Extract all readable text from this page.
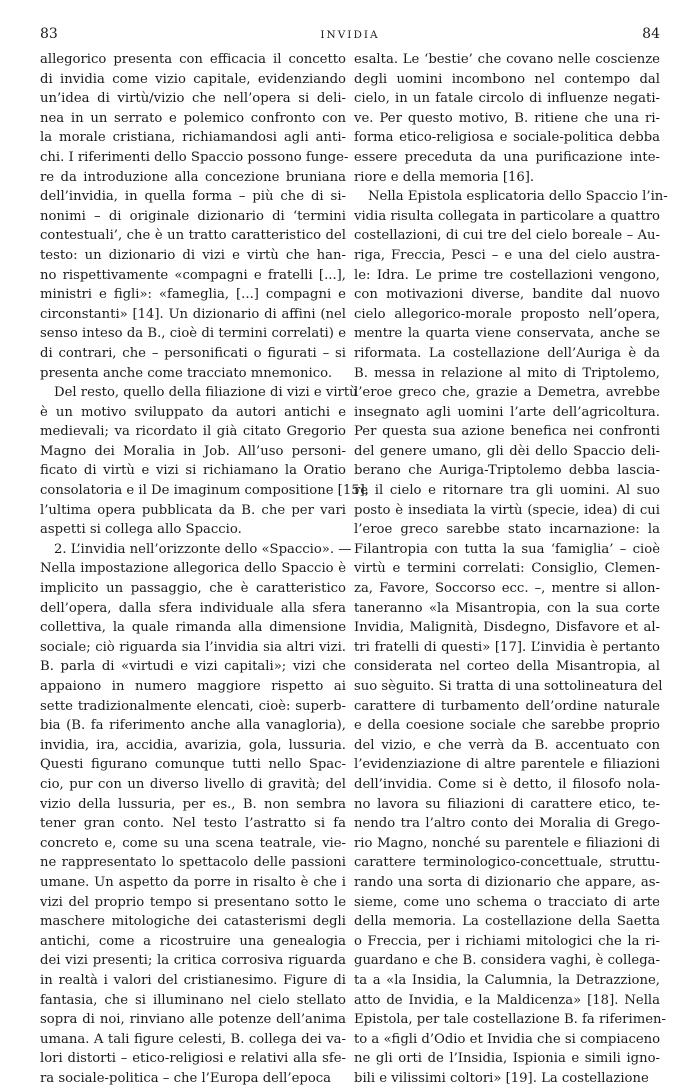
83	INVIDIA	84
allegorico presenta con efficacia il concetto
di invidia come vizio capitale, evidenziando
un’idea di virtù/vizio che nell’opera si deli-
nea in un serrato e polemico confronto con
la morale cristiana, richiamandosi agli anti-
chi. I riferimenti dello Spaccio possono funge-
re da introduzione alla concezione bruniana
dell’invidia, in quella forma – più che di si-
nonimi – di originale dizionario di ‘termini
contestuali’, che è un tratto caratteristico del
testo: un dizionario di vizi e virtù che han-
no rispettivamente «compagni e fratelli [...],
ministri e figli»: «fameglia, [...] compagni e
circonstanti» [14]. Un dizionario di affini (nel
senso inteso da B., cioè di termini correlati) e
di contrari, che – personificati o figurati – si
presenta anche come tracciato mnemonico.
Del resto, quello della filiazione di vizi e virtù
è un motivo sviluppato da autori antichi e
medievali; va ricordato il già citato Gregorio
Magno dei Moralia in Job. All’uso personi-
ficato di virtù e vizi si richiamano la Oratio
consolatoria e il De imaginum compositione [15],
l’ultima opera pubblicata da B. che per vari
aspetti si collega allo Spaccio.
2. L’invidia nell’orizzonte dello «Spaccio». —
Nella impostazione allegorica dello Spaccio è
implicito un passaggio, che è caratteristico
dell’opera, dalla sfera individuale alla sfera
collettiva, la quale rimanda alla dimensione
sociale; ciò riguarda sia l’invidia sia altri vizi.
B. parla di «virtudi e vizi capitali»; vizi che
appaiono in numero maggiore rispetto ai
sette tradizionalmente elencati, cioè: superb-
bia (B. fa riferimento anche alla vanagloria),
invidia, ira, accidia, avarizia, gola, lussuria.
Questi figurano comunque tutti nello Spac-
cio, pur con un diverso livello di gravità; del
vizio della lussuria, per es., B. non sembra
tener gran conto. Nel testo l’astratto si fa
concreto e, come su una scena teatrale, vie-
ne rappresentato lo spettacolo delle passioni
umane. Un aspetto da porre in risalto è che i
vizi del proprio tempo si presentano sotto le
maschere mitologiche dei catasterismi degli
antichi, come a ricostruire una genealogia
dei vizi presenti; la critica corrosiva riguarda
in realtà i valori del cristianesimo. Figure di
fantasia, che si illuminano nel cielo stellato
sopra di noi, rinviano alle potenze dell’anima
umana. A tali figure celesti, B. collega dei va-
lori distorti – etico-religiosi e relativi alla sfe-
ra sociale-politica – che l’Europa dell’epoca
esalta. Le ‘bestie’ che covano nelle coscienze
degli uomini incombono nel contempo dal
cielo, in un fatale circolo di influenze negati-
ve. Per questo motivo, B. ritiene che una ri-
forma etico-religiosa e sociale-politica debba
essere preceduta da una purificazione inte-
riore e della memoria [16].
Nella Epistola esplicatoria dello Spaccio l’in-
vidia risulta collegata in particolare a quattro
costellazioni, di cui tre del cielo boreale – Au-
riga, Freccia, Pesci – e una del cielo austra-
le: Idra. Le prime tre costellazioni vengono,
con motivazioni diverse, bandite dal nuovo
cielo allegorico-morale proposto nell’opera,
mentre la quarta viene conservata, anche se
riformata. La costellazione dell’Auriga è da
B. messa in relazione al mito di Triptolemo,
l’eroe greco che, grazie a Demetra, avrebbe
insegnato agli uomini l’arte dell’agricoltura.
Per questa sua azione benefica nei confronti
del genere umano, gli dèi dello Spaccio deli-
berano che Auriga-Triptolemo debba lascia-
re il cielo e ritornare tra gli uomini. Al suo
posto è insediata la virtù (specie, idea) di cui
l’eroe greco sarebbe stato incarnazione: la
Filantropia con tutta la sua ‘famiglia’ – cioè
virtù e termini correlati: Consiglio, Clemen-
za, Favore, Soccorso ecc. –, mentre si allon-
taneranno «la Misantropia, con la sua corte
Invidia, Malignità, Disdegno, Disfavore et al-
tri fratelli di questi» [17]. L’invidia è pertanto
considerata nel corteo della Misantropia, al
suo sèguito. Si tratta di una sottolineatura del
carattere di turbamento dell’ordine naturale
e della coesione sociale che sarebbe proprio
del vizio, e che verrà da B. accentuato con
l’evidenziazione di altre parentele e filiazioni
dell’invidia. Come si è detto, il filosofo nola-
no lavora su filiazioni di carattere etico, te-
nendo tra l’altro conto dei Moralia di Grego-
rio Magno, nonché su parentele e filiazioni di
carattere terminologico-concettuale, struttu-
rando una sorta di dizionario che appare, as-
sieme, come uno schema o tracciato di arte
della memoria. La costellazione della Saetta
o Freccia, per i richiami mitologici che la ri-
guardano e che B. considera vaghi, è collega-
ta a «la Insidia, la Calumnia, la Detrazzione,
atto de Invidia, e la Maldicenza» [18]. Nella
Epistola, per tale costellazione B. fa riferimen-
to a «figli d’Odio et Invidia che si compiaceno
ne gli orti de l’Insidia, Ispionia e simili igno-
bili e vilissimi coltori» [19]. La costellazione
